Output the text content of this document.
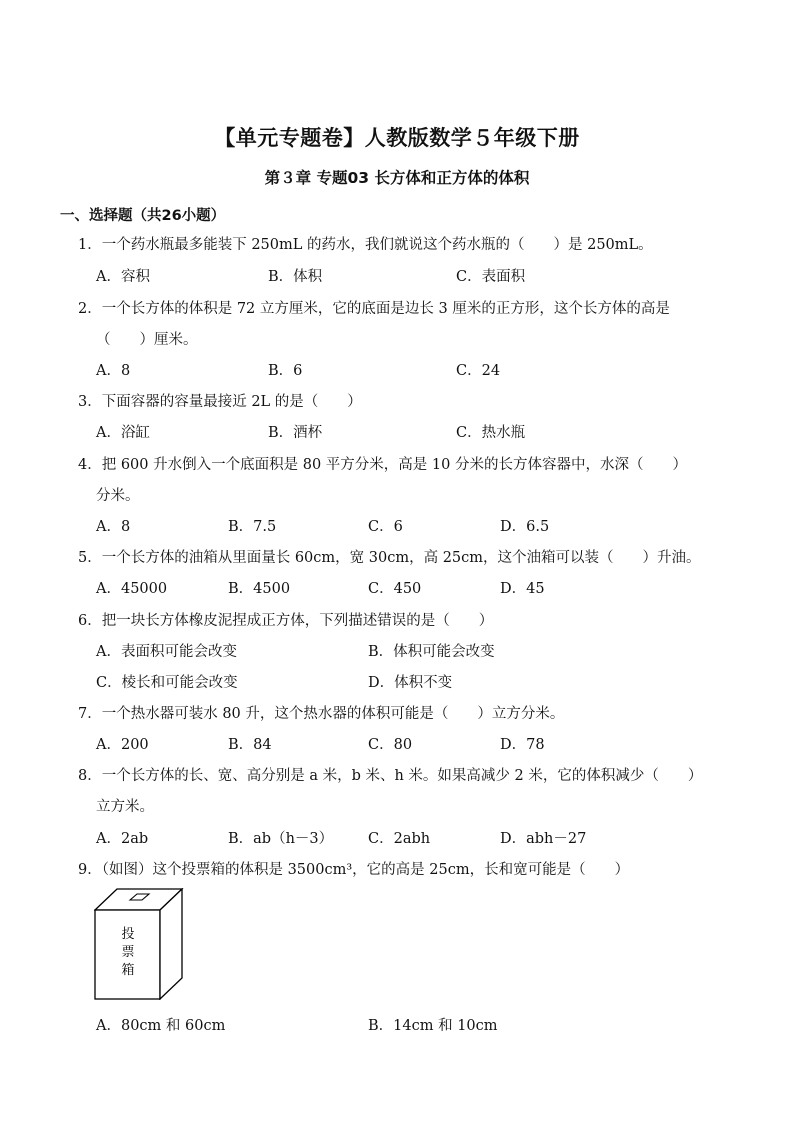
【单元专题卷】人教版数学５年级下册
第３章 专题03 长方体和正方体的体积
一、选择题（共26小题）
1．一个药水瓶最多能装下 250mL 的药水，我们就说这个药水瓶的（　　）是 250mL。
A．容积	B．体积	C．表面积
2．一个长方体的体积是 72 立方厘米，它的底面是边长 3 厘米的正方形，这个长方体的高是
（　　）厘米。
A．8	B．6	C．24
3．下面容器的容量最接近 2L 的是（　　）
A．浴缸	B．酒杯	C．热水瓶
4．把 600 升水倒入一个底面积是 80 平方分米，高是 10 分米的长方体容器中，水深（　　）
分米。
A．8	B．7.5	C．6	D．6.5
5．一个长方体的油箱从里面量长 60cm，宽 30cm，高 25cm，这个油箱可以装（　　）升油。
A．45000	B．4500	C．450	D．45
6．把一块长方体橡皮泥捏成正方体，下列描述错误的是（　　）
A．表面积可能会改变	B．体积可能会改变
C．棱长和可能会改变	D．体积不变
7．一个热水器可装水 80 升，这个热水器的体积可能是（　　）立方分米。
A．200	B．84	C．80	D．78
8．一个长方体的长、宽、高分别是 a 米，b 米、h 米。如果高减少 2 米，它的体积减少（　　）
立方米。
A．2ab	B．ab（h－3） C．2abh	D．abh－27
9．（如图）这个投票箱的体积是 3500cm³，它的高是 25cm，长和宽可能是（　　）
投
票
箱
A．80cm 和 60cm	B．14cm 和 10cm
